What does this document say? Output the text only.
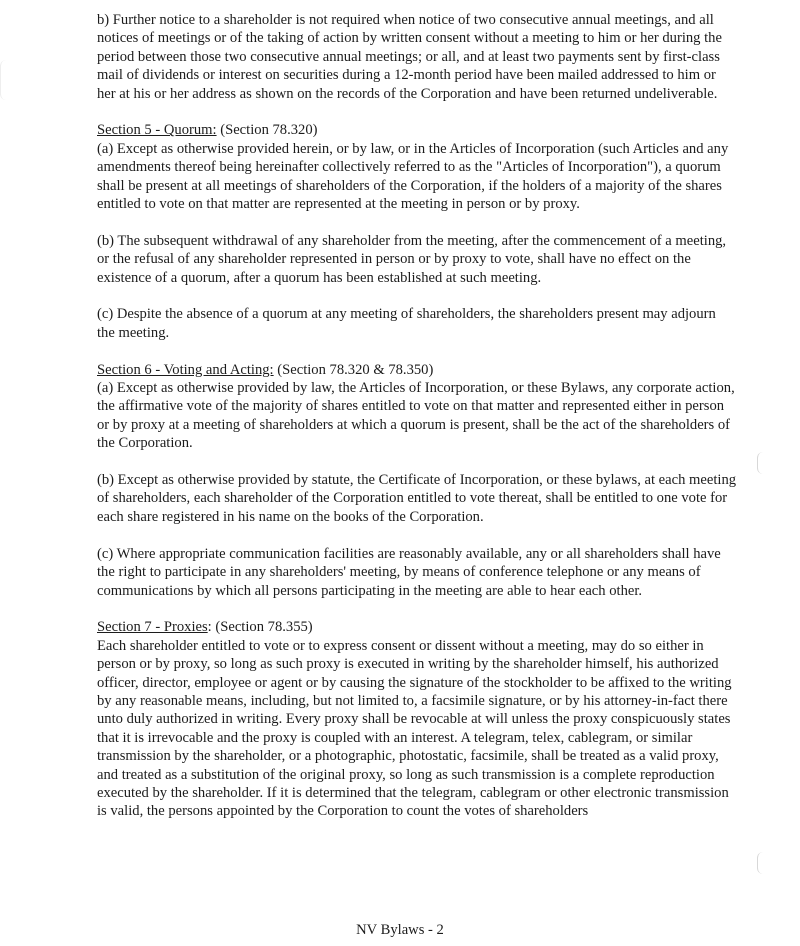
b) Further notice to a shareholder is not required when notice of two consecutive annual meetings, and all notices of meetings or of the taking of action by written consent without a meeting to him or her during the period between those two consecutive annual meetings; or all, and at least two payments sent by first-class mail of dividends or interest on securities during a 12-month period have been mailed addressed to him or her at his or her address as shown on the records of the Corporation and have been returned undeliverable.

Section 5 - Quorum: (Section 78.320)

(a) Except as otherwise provided herein, or by law, or in the Articles of Incorporation (such Articles and any amendments thereof being hereinafter collectively referred to as the "Articles of Incorporation"), a quorum shall be present at all meetings of shareholders of the Corporation, if the holders of a majority of the shares entitled to vote on that matter are represented at the meeting in person or by proxy.

(b) The subsequent withdrawal of any shareholder from the meeting, after the commencement of a meeting, or the refusal of any shareholder represented in person or by proxy to vote, shall have no effect on the existence of a quorum, after a quorum has been established at such meeting.

(c) Despite the absence of a quorum at any meeting of shareholders, the shareholders present may adjourn the meeting.

Section 6 - Voting and Acting: (Section 78.320 & 78.350)

(a) Except as otherwise provided by law, the Articles of Incorporation, or these Bylaws, any corporate action, the affirmative vote of the majority of shares entitled to vote on that matter and represented either in person or by proxy at a meeting of shareholders at which a quorum is present, shall be the act of the shareholders of the Corporation.

(b) Except as otherwise provided by statute, the Certificate of Incorporation, or these bylaws, at each meeting of shareholders, each shareholder of the Corporation entitled to vote thereat, shall be entitled to one vote for each share registered in his name on the books of the Corporation.

(c) Where appropriate communication facilities are reasonably available, any or all shareholders shall have the right to participate in any shareholders' meeting, by means of conference telephone or any means of communications by which all persons participating in the meeting are able to hear each other.

Section 7 - Proxies: (Section 78.355)

Each shareholder entitled to vote or to express consent or dissent without a meeting, may do so either in person or by proxy, so long as such proxy is executed in writing by the shareholder himself, his authorized officer, director, employee or agent or by causing the signature of the stockholder to be affixed to the writing by any reasonable means, including, but not limited to, a facsimile signature, or by his attorney-in-fact there unto duly authorized in writing. Every proxy shall be revocable at will unless the proxy conspicuously states that it is irrevocable and the proxy is coupled with an interest. A telegram, telex, cablegram, or similar transmission by the shareholder, or a photographic, photostatic, facsimile, shall be treated as a valid proxy, and treated as a substitution of the original proxy, so long as such transmission is a complete reproduction executed by the shareholder. If it is determined that the telegram, cablegram or other electronic transmission is valid, the persons appointed by the Corporation to count the votes of shareholders

NV Bylaws - 2
